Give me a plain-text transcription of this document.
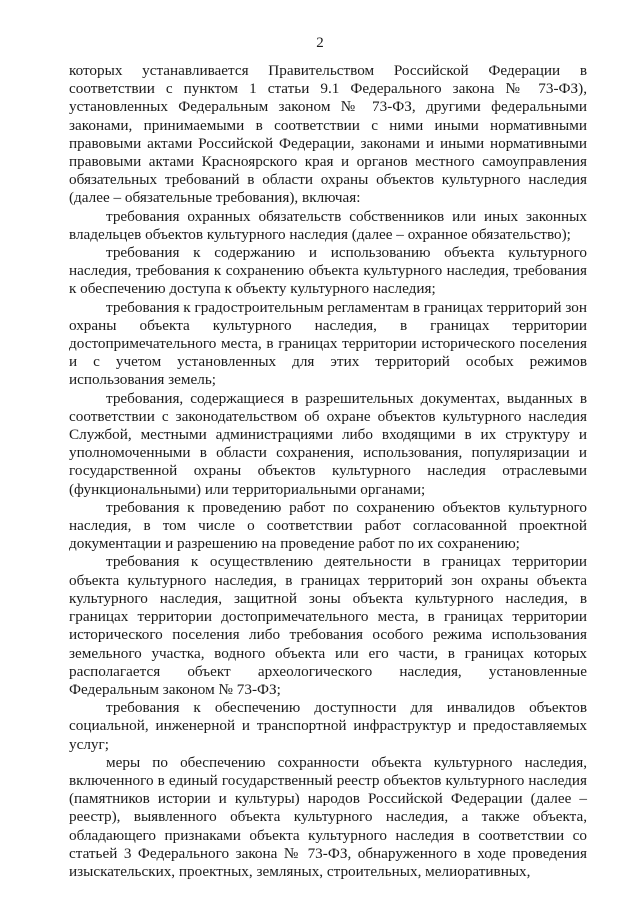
2

которых устанавливается Правительством Российской Федерации в соответствии с пунктом 1 статьи 9.1 Федерального закона № 73-ФЗ), установленных Федеральным законом № 73-ФЗ, другими федеральными законами, принимаемыми в соответствии с ними иными нормативными правовыми актами Российской Федерации, законами и иными нормативными правовыми актами Красноярского края и органов местного самоуправления обязательных требований в области охраны объектов культурного наследия (далее – обязательные требования), включая:

требования охранных обязательств собственников или иных законных владельцев объектов культурного наследия (далее – охранное обязательство);

требования к содержанию и использованию объекта культурного наследия, требования к сохранению объекта культурного наследия, требования к обеспечению доступа к объекту культурного наследия;

требования к градостроительным регламентам в границах территорий зон охраны объекта культурного наследия, в границах территории достопримечательного места, в границах территории исторического поселения и с учетом установленных для этих территорий особых режимов использования земель;

требования, содержащиеся в разрешительных документах, выданных в соответствии с законодательством об охране объектов культурного наследия Службой, местными администрациями либо входящими в их структуру и уполномоченными в области сохранения, использования, популяризации и государственной охраны объектов культурного наследия отраслевыми (функциональными) или территориальными органами;

требования к проведению работ по сохранению объектов культурного наследия, в том числе о соответствии работ согласованной проектной документации и разрешению на проведение работ по их сохранению;

требования к осуществлению деятельности в границах территории объекта культурного наследия, в границах территорий зон охраны объекта культурного наследия, защитной зоны объекта культурного наследия, в границах территории достопримечательного места, в границах территории исторического поселения либо требования особого режима использования земельного участка, водного объекта или его части, в границах которых располагается объект археологического наследия, установленные Федеральным законом № 73-ФЗ;

требования к обеспечению доступности для инвалидов объектов социальной, инженерной и транспортной инфраструктур и предоставляемых услуг;

меры по обеспечению сохранности объекта культурного наследия, включенного в единый государственный реестр объектов культурного наследия (памятников истории и культуры) народов Российской Федерации (далее – реестр), выявленного объекта культурного наследия, а также объекта, обладающего признаками объекта культурного наследия в соответствии со статьей 3 Федерального закона № 73-ФЗ, обнаруженного в ходе проведения изыскательских, проектных, земляных, строительных, мелиоративных,
